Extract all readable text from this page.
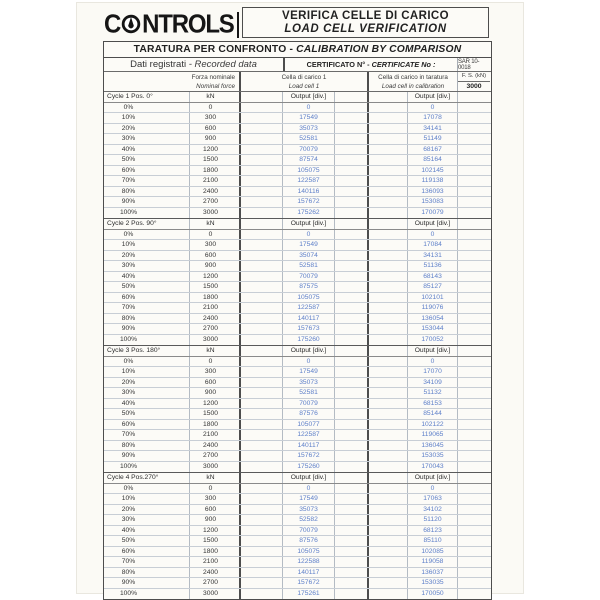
C NTROLS	VERIFICA CELLE DI CARICO
LOAD CELL VERIFICATION
TARATURA PER CONFRONTO - CALIBRATION BY COMPARISON
Dati registrati - Recorded data	CERTIFICATO N° - CERTIFICATE No :	SAR 10-0018
Forza nominale
Nominal force
Cella di carico 1
Load cell 1
Cella di carico in taratura
Load cell in calibration
F. S. (kN)
3000
Cycle 1 Pos. 0°	kN	Output [div.]	Output [div.]
0%	0	0	0
10%	300	17549	17078
20%	600	35073	34141
30%	900	52581	51149
40%	1200	70079	68167
50%	1500	87574	85164
60%	1800	105075	102145
70%	2100	122587	119138
80%	2400	140116	136093
90%	2700	157672	153083
100%	3000	175262	170079
Cycle 2 Pos. 90°	kN	Output [div.]	Output [div.]
0%	0	0	0
10%	300	17549	17084
20%	600	35074	34131
30%	900	52581	51136
40%	1200	70079	68143
50%	1500	87575	85127
60%	1800	105075	102101
70%	2100	122587	119076
80%	2400	140117	136054
90%	2700	157673	153044
100%	3000	175260	170052
Cycle 3 Pos. 180°	kN	Output [div.]	Output [div.]
0%	0	0	0
10%	300	17549	17070
20%	600	35073	34109
30%	900	52581	51132
40%	1200	70079	68153
50%	1500	87576	85144
60%	1800	105077	102122
70%	2100	122587	119065
80%	2400	140117	136045
90%	2700	157672	153035
100%	3000	175260	170043
Cycle 4 Pos.270°	kN	Output [div.]	Output [div.]
0%	0	0	0
10%	300	17549	17063
20%	600	35073	34102
30%	900	52582	51120
40%	1200	70079	68123
50%	1500	87576	85110
60%	1800	105075	102085
70%	2100	122588	119058
80%	2400	140117	136037
90%	2700	157672	153035
100%	3000	175261	170050
